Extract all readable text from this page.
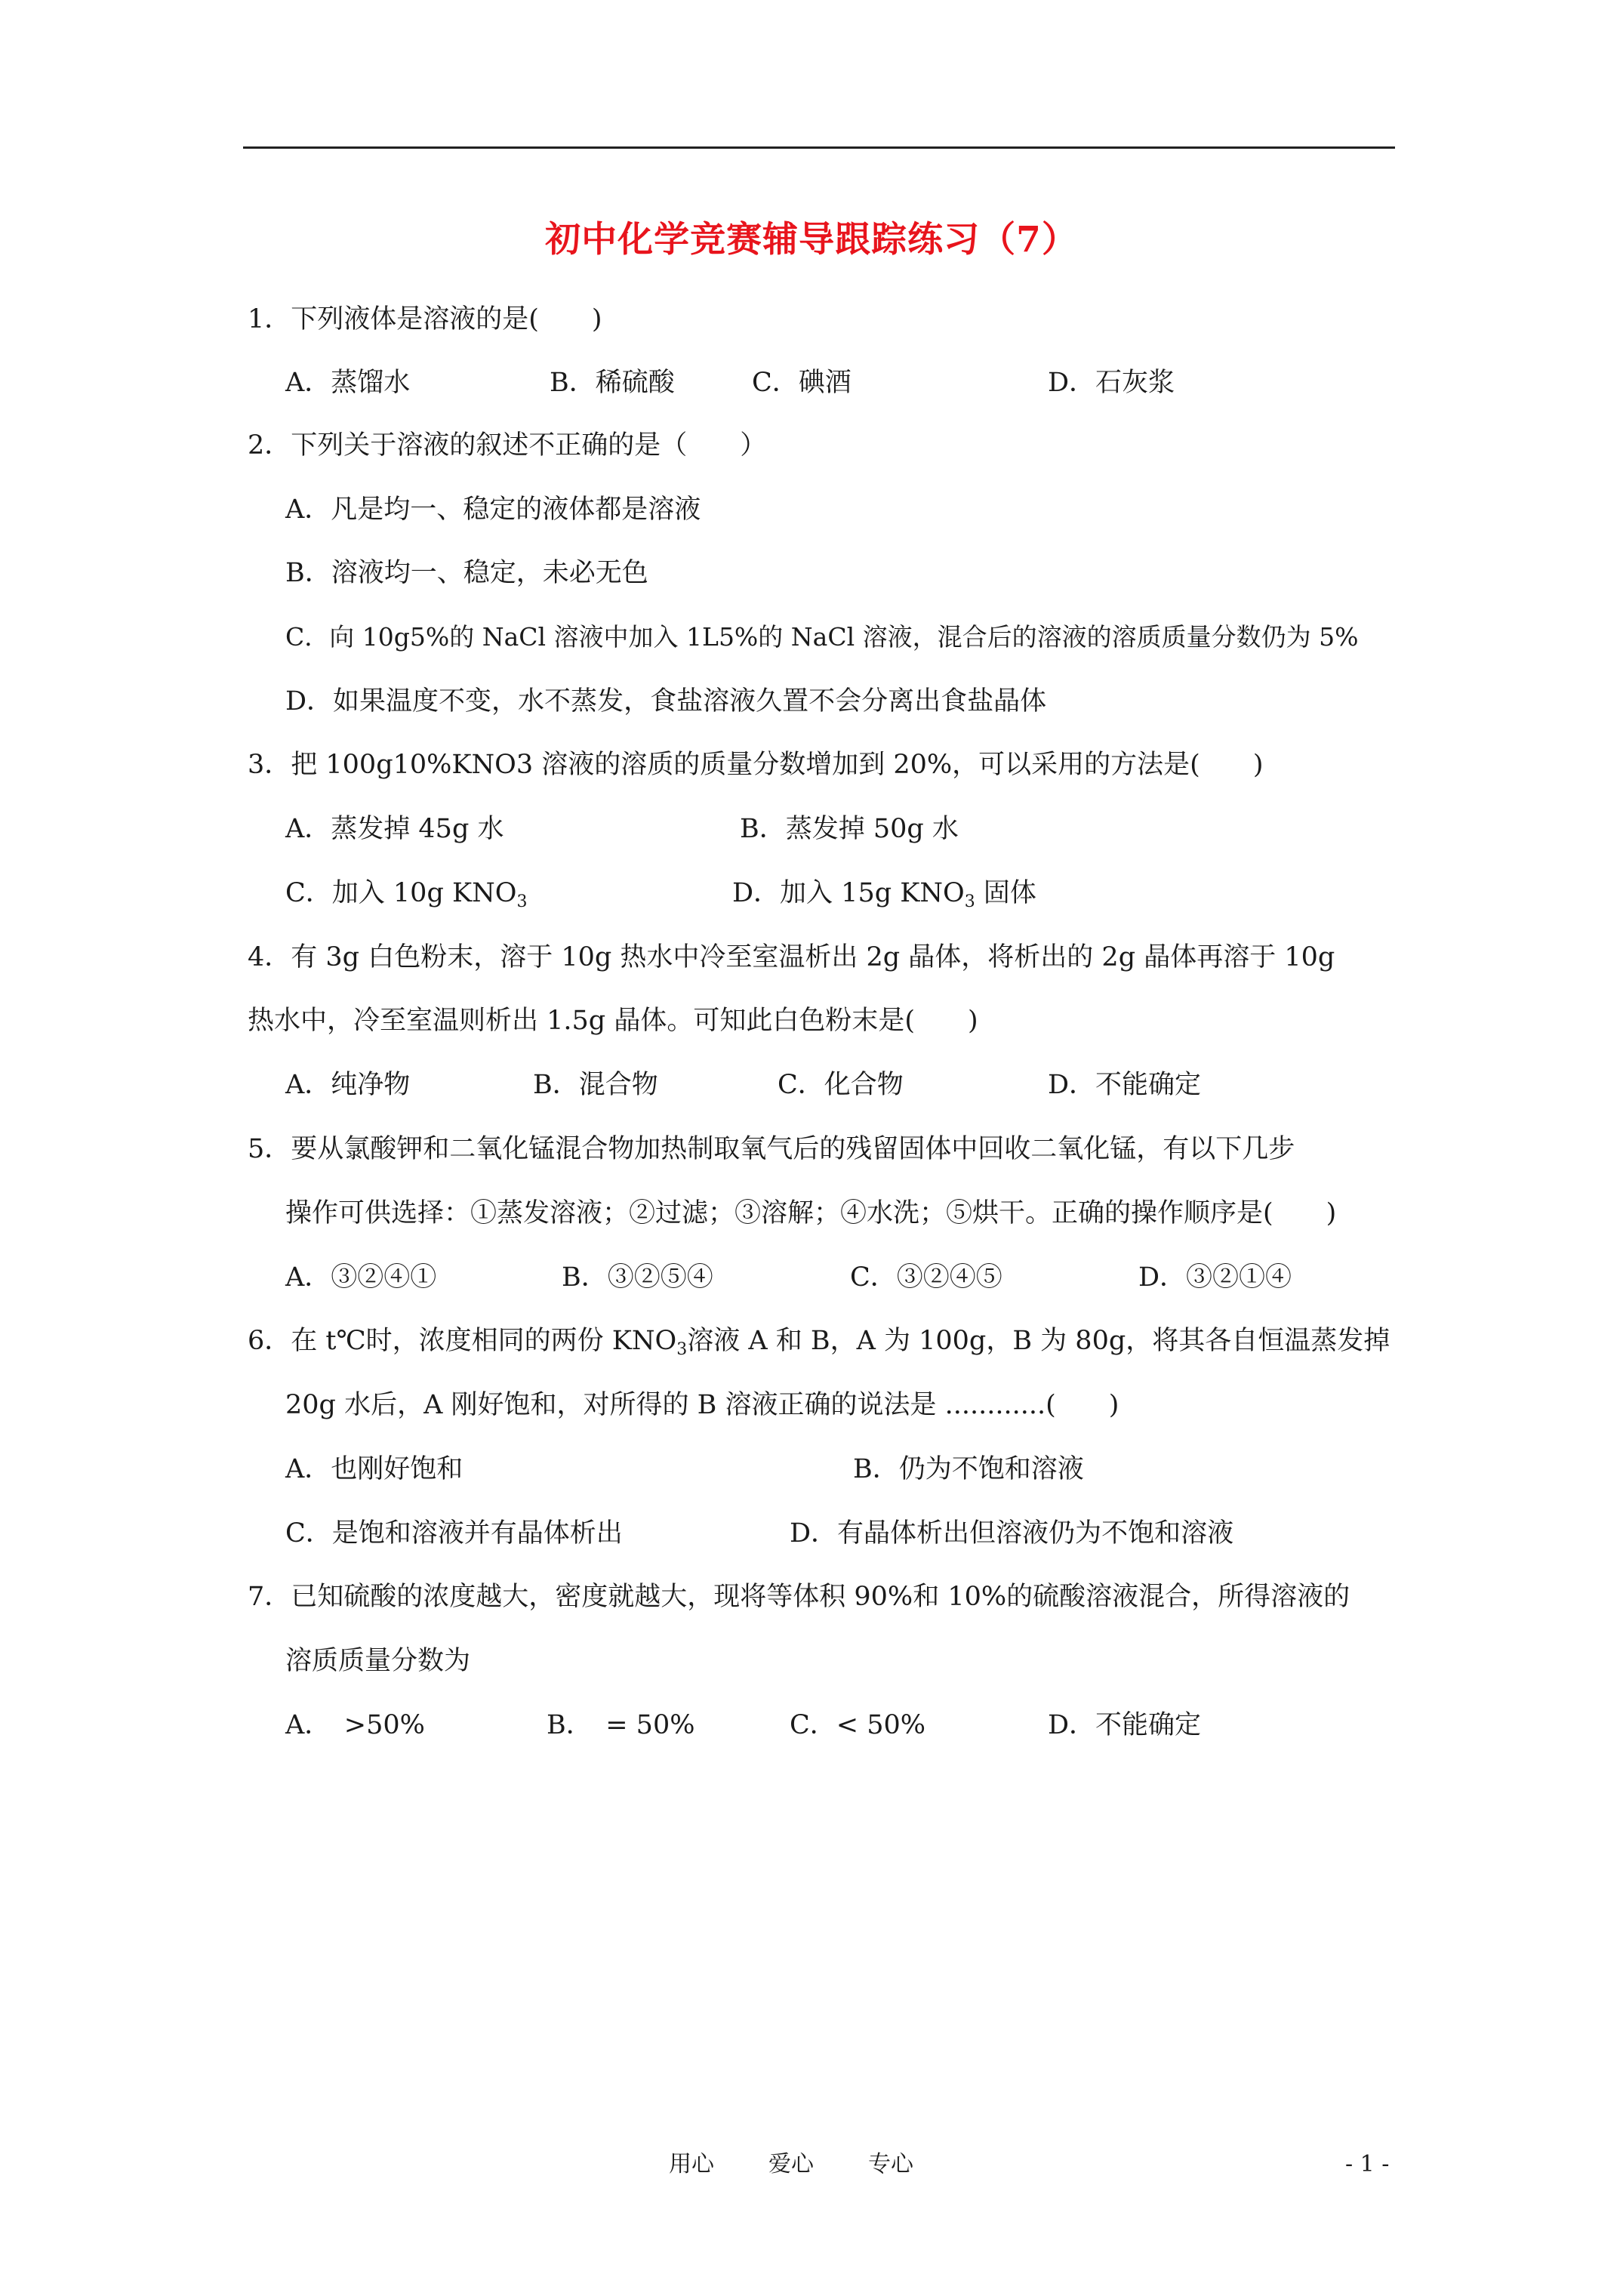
初中化学竞赛辅导跟踪练习（7）
1．下列液体是溶液的是(　　)
A．蒸馏水	B．稀硫酸	C．碘酒	D．石灰浆
2．下列关于溶液的叙述不正确的是（　　）
A．凡是均一、稳定的液体都是溶液
B．溶液均一、稳定，未必无色
C．向 10g5%的 NaCl 溶液中加入 1L5%的 NaCl 溶液，混合后的溶液的溶质质量分数仍为 5%
D．如果温度不变，水不蒸发，食盐溶液久置不会分离出食盐晶体
3．把 100g10%KNO3 溶液的溶质的质量分数增加到 20%，可以采用的方法是(　　)
A．蒸发掉 45g 水	B．蒸发掉 50g 水
C．加入 10g $KNO_3$	D．加入 15g $KNO_3$ 固体
4．有 3g 白色粉末，溶于 10g 热水中冷至室温析出 2g 晶体，将析出的 2g 晶体再溶于 10g
热水中，冷至室温则析出 1.5g 晶体。可知此白色粉末是(　　)
A．纯净物	B．混合物	C．化合物	D．不能确定
5．要从氯酸钾和二氧化锰混合物加热制取氧气后的残留固体中回收二氧化锰，有以下几步
操作可供选择：①蒸发溶液；②过滤；③溶解；④水洗；⑤烘干。正确的操作顺序是(　　)
A．③②④①	B．③②⑤④	C．③②④⑤	D．③②①④
6．在 t℃时，浓度相同的两份 $KNO_3$溶液 A 和 B，A 为 100g，B 为 80g，将其各自恒温蒸发掉
20g 水后，A 刚好饱和，对所得的 B 溶液正确的说法是 ............(　　)
A．也刚好饱和	B．仍为不饱和溶液
C．是饱和溶液并有晶体析出	D．有晶体析出但溶液仍为不饱和溶液
7．已知硫酸的浓度越大，密度就越大，现将等体积 90%和 10%的硫酸溶液混合，所得溶液的
溶质质量分数为
A．　>50%	B．　= 50%	C．< 50%	D．不能确定
用心 爱心 专心	- 1 -
